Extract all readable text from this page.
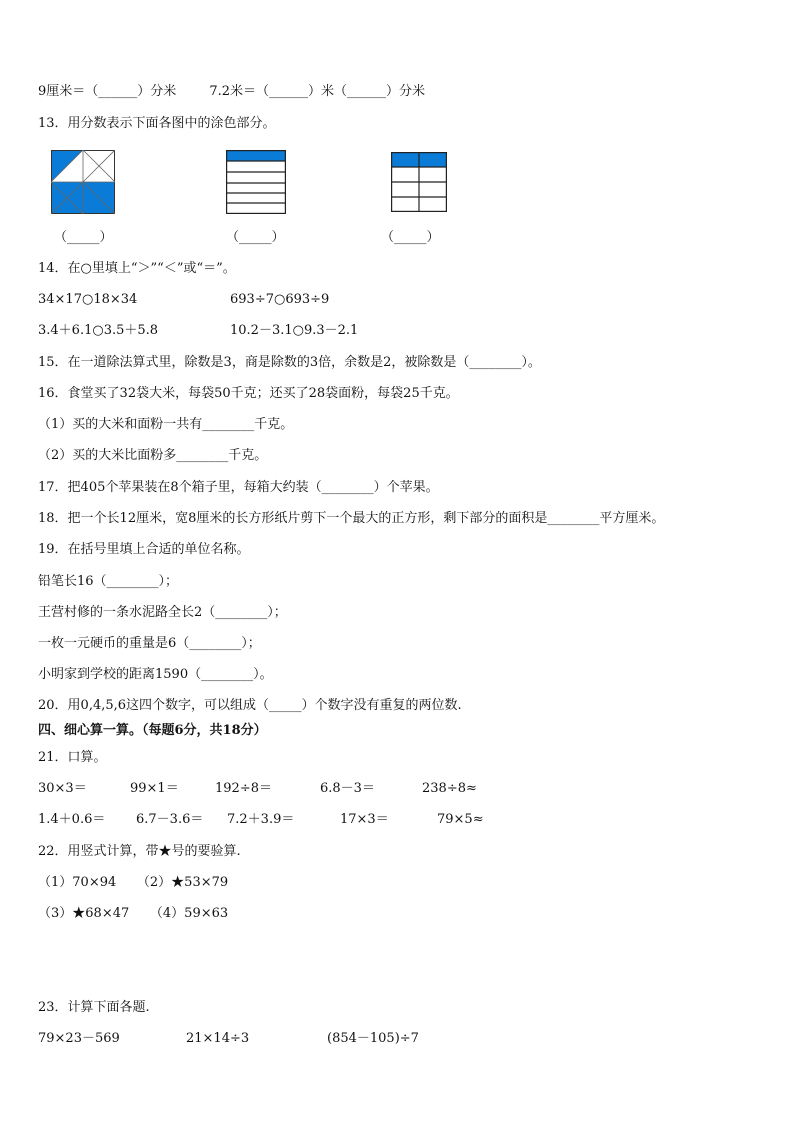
9厘米＝（______）分米        7.2米＝（______）米（______）分米
13．用分数表示下面各图中的涂色部分。
（_____）	（_____）	（_____）
14．在○里填上“＞”“＜”或“＝”。
34×17○18×34	693÷7○693÷9
3.4＋6.1○3.5＋5.8	10.2－3.1○9.3－2.1
15．在一道除法算式里，除数是3，商是除数的3倍，余数是2，被除数是（________）。
16．食堂买了32袋大米，每袋50千克；还买了28袋面粉，每袋25千克。
（1）买的大米和面粉一共有________千克。
（2）买的大米比面粉多________千克。
17．把405个苹果装在8个箱子里，每箱大约装（________）个苹果。
18．把一个长12厘米，宽8厘米的长方形纸片剪下一个最大的正方形，剩下部分的面积是________平方厘米。
19．在括号里填上合适的单位名称。
铅笔长16（________）；
王营村修的一条水泥路全长2（________）；
一枚一元硬币的重量是6（________）；
小明家到学校的距离1590（________）。
20．用0,4,5,6这四个数字，可以组成（_____）个数字没有重复的两位数.
四、细心算一算。（每题6分，共18分）
21．口算。
30×3＝	99×1＝	192÷8＝	6.8－3＝	238÷8≈
1.4＋0.6＝ 6.7－3.6＝ 7.2＋3.9＝	17×3＝	79×5≈
22．用竖式计算，带★号的要验算.
（1）70×94     （2）★53×79
（3）★68×47     （4）59×63
23．计算下面各题.
79×23－569	21×14÷3	(854－105)÷7
